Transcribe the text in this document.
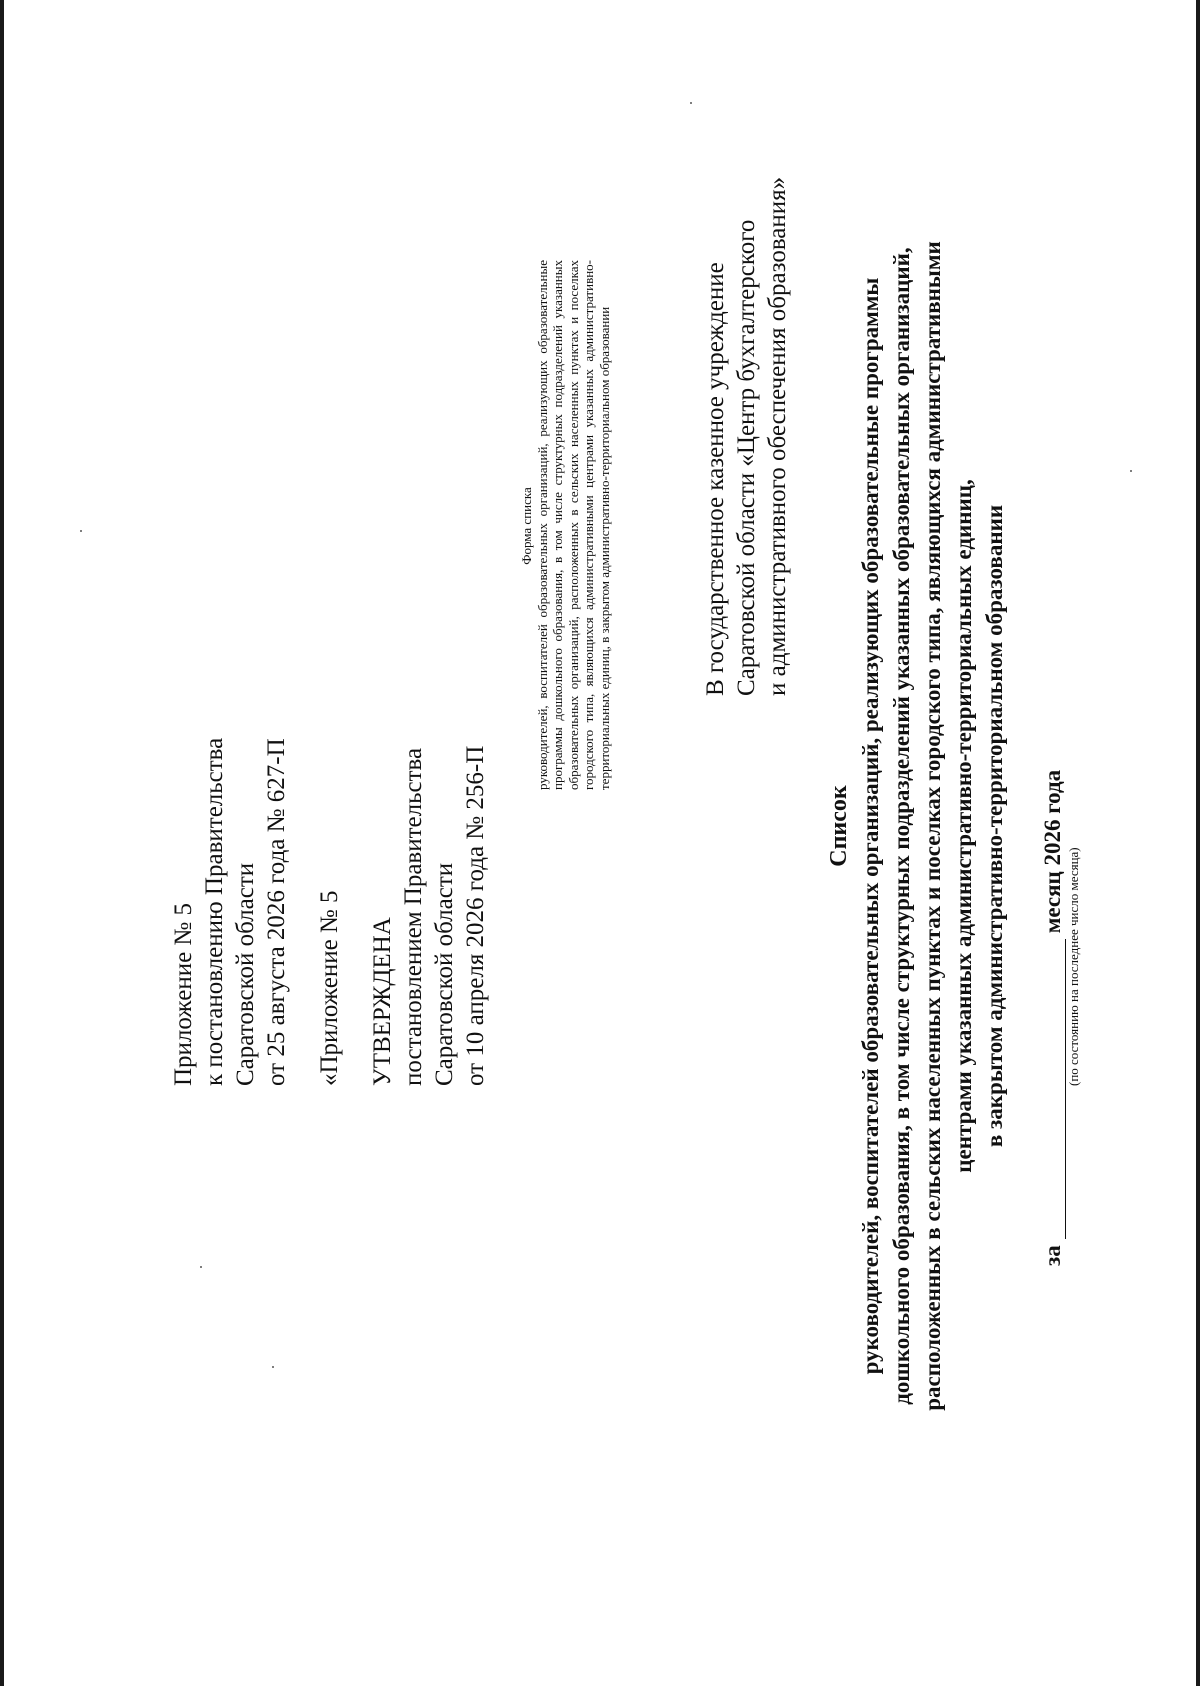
Приложение № 5 к постановлению Правительства Саратовской области от 25 августа 2026 года № 627-П «Приложение № 5 УТВЕРЖДЕНА постановлением Правительства Саратовской области от 10 апреля 2026 года № 256-П
Форма списка руководителей, воспитателей образовательных организаций, реализующих образовательные программы дошкольного образования, в том числе структурных подразделений указанных образовательных организаций, расположенных в сельских населенных пунктах и поселках городского типа, являющихся административными центрами указанных административно- территориальных единиц, в закрытом административно-территориальном образовании	В государственное казенное учреждение Саратовской области «Центр бухгалтерского и административного обеспечения образования»
Список руководителей, воспитателей образовательных организаций, реализующих образовательные программы дошкольного образования, в том числе структурных подразделений указанных образовательных организаций, расположенных в сельских населенных пунктах и поселках городского типа, являющихся административными центрами указанных административно-территориальных единиц, в закрытом административно-территориальном образовании
замесяц 2026 года (по состоянию на последнее число месяца)
